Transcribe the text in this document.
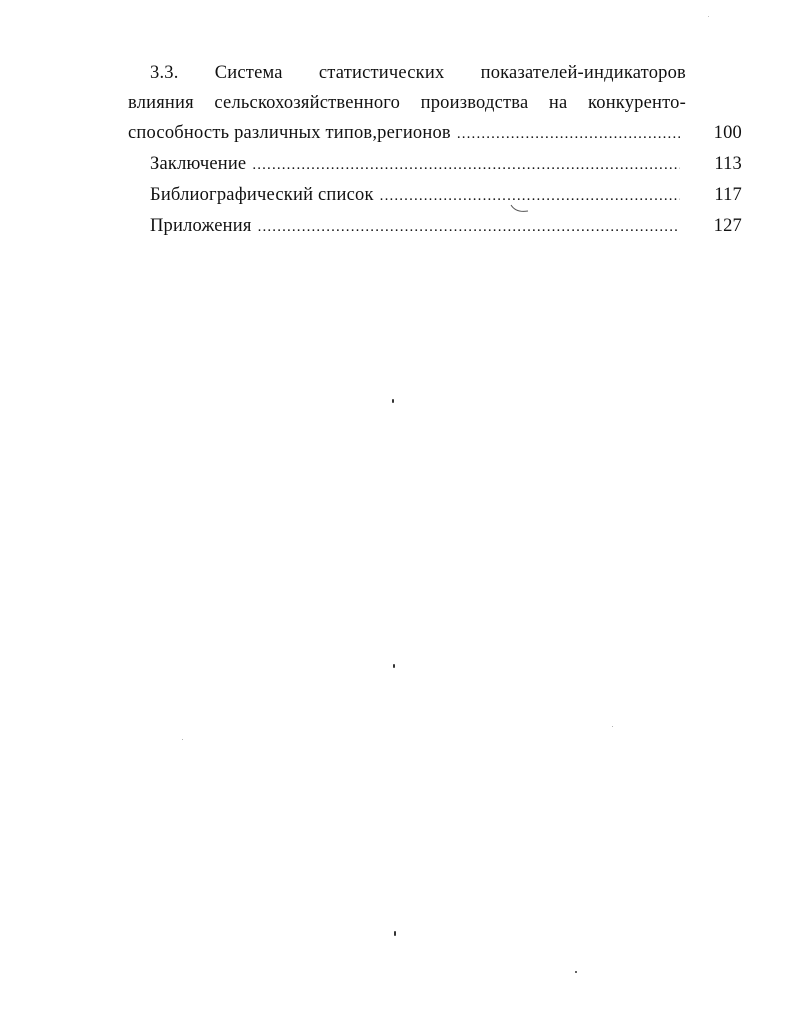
3.3. Система статистических показателей-индикаторов
влияния сельскохозяйственного производства на конкуренто-
способность различных типов,регионов . . .	100
Заключение . . .	113
Библиографический список . . .	117
Приложения . . .	127
